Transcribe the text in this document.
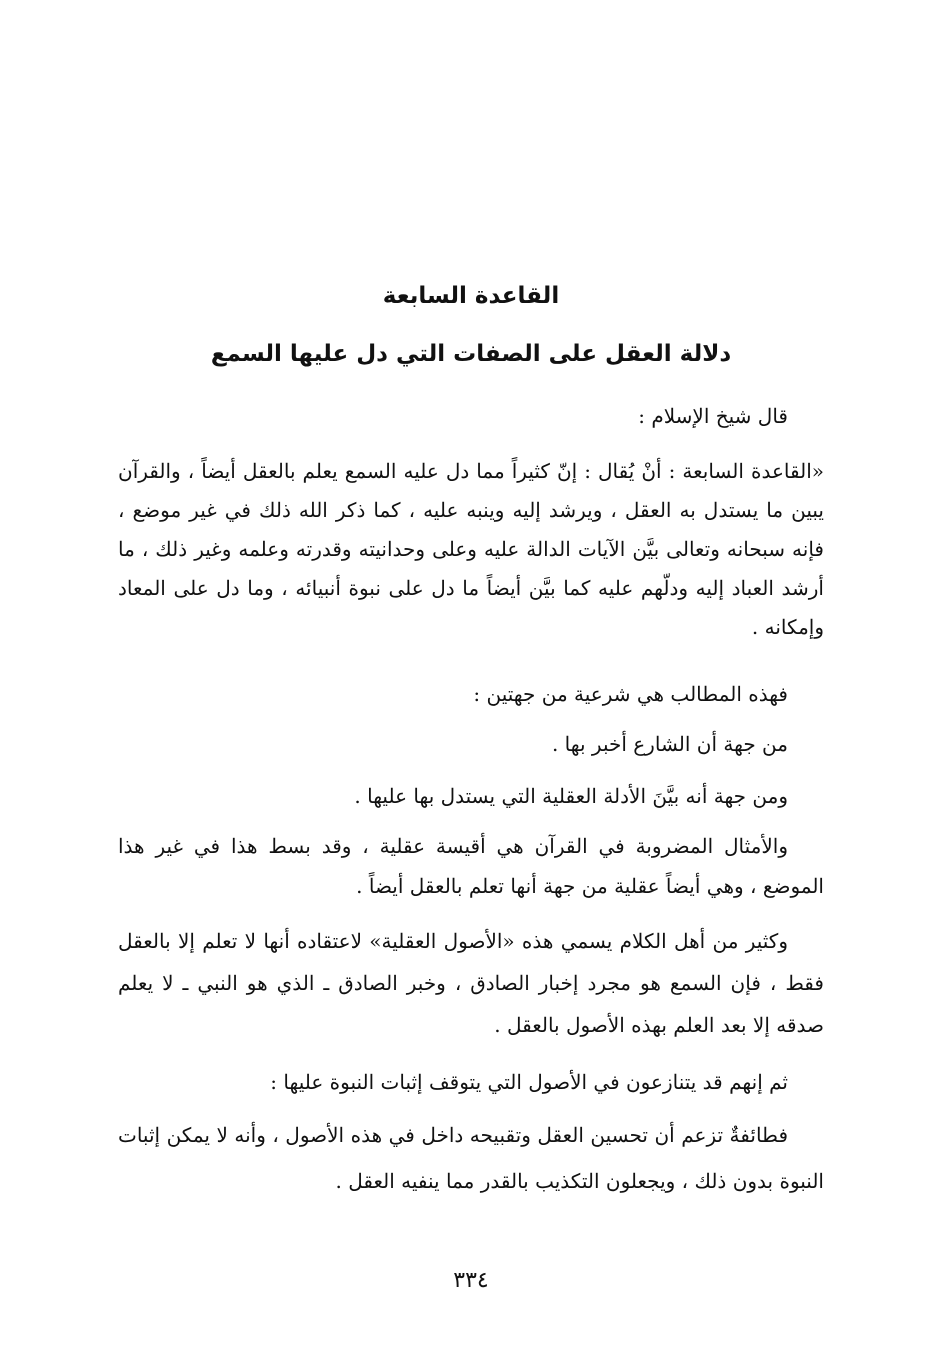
القاعدة السابعة
دلالة العقل على الصفات التي دل عليها السمع

قال شيخ الإسلام :

«القاعدة السابعة : أنْ يُقال : إنّ كثيراً مما دل عليه السمع يعلم بالعقل أيضاً ، والقرآن يبين ما يستدل به العقل ، ويرشد إليه وينبه عليه ، كما ذكر الله ذلك في غير موضع ، فإنه سبحانه وتعالى بيَّن الآيات الدالة عليه وعلى وحدانيته وقدرته وعلمه وغير ذلك ، ما أرشد العباد إليه ودلّهم عليه كما بيَّن أيضاً ما دل على نبوة أنبيائه ، وما دل على المعاد وإمكانه .

فهذه المطالب هي شرعية من جهتين :

من جهة أن الشارع أخبر بها .

ومن جهة أنه بيَّنَ الأدلة العقلية التي يستدل بها عليها .

والأمثال المضروبة في القرآن هي أقيسة عقلية ، وقد بسط هذا في غير هذا الموضع ، وهي أيضاً عقلية من جهة أنها تعلم بالعقل أيضاً .

وكثير من أهل الكلام يسمي هذه «الأصول العقلية» لاعتقاده أنها لا تعلم إلا بالعقل فقط ، فإن السمع هو مجرد إخبار الصادق ، وخبر الصادق ـ الذي هو النبي ـ لا يعلم صدقه إلا بعد العلم بهذه الأصول بالعقل .

ثم إنهم قد يتنازعون في الأصول التي يتوقف إثبات النبوة عليها :

فطائفةٌ تزعم أن تحسين العقل وتقبيحه داخل في هذه الأصول ، وأنه لا يمكن إثبات النبوة بدون ذلك ، ويجعلون التكذيب بالقدر مما ينفيه العقل .

٣٣٤
